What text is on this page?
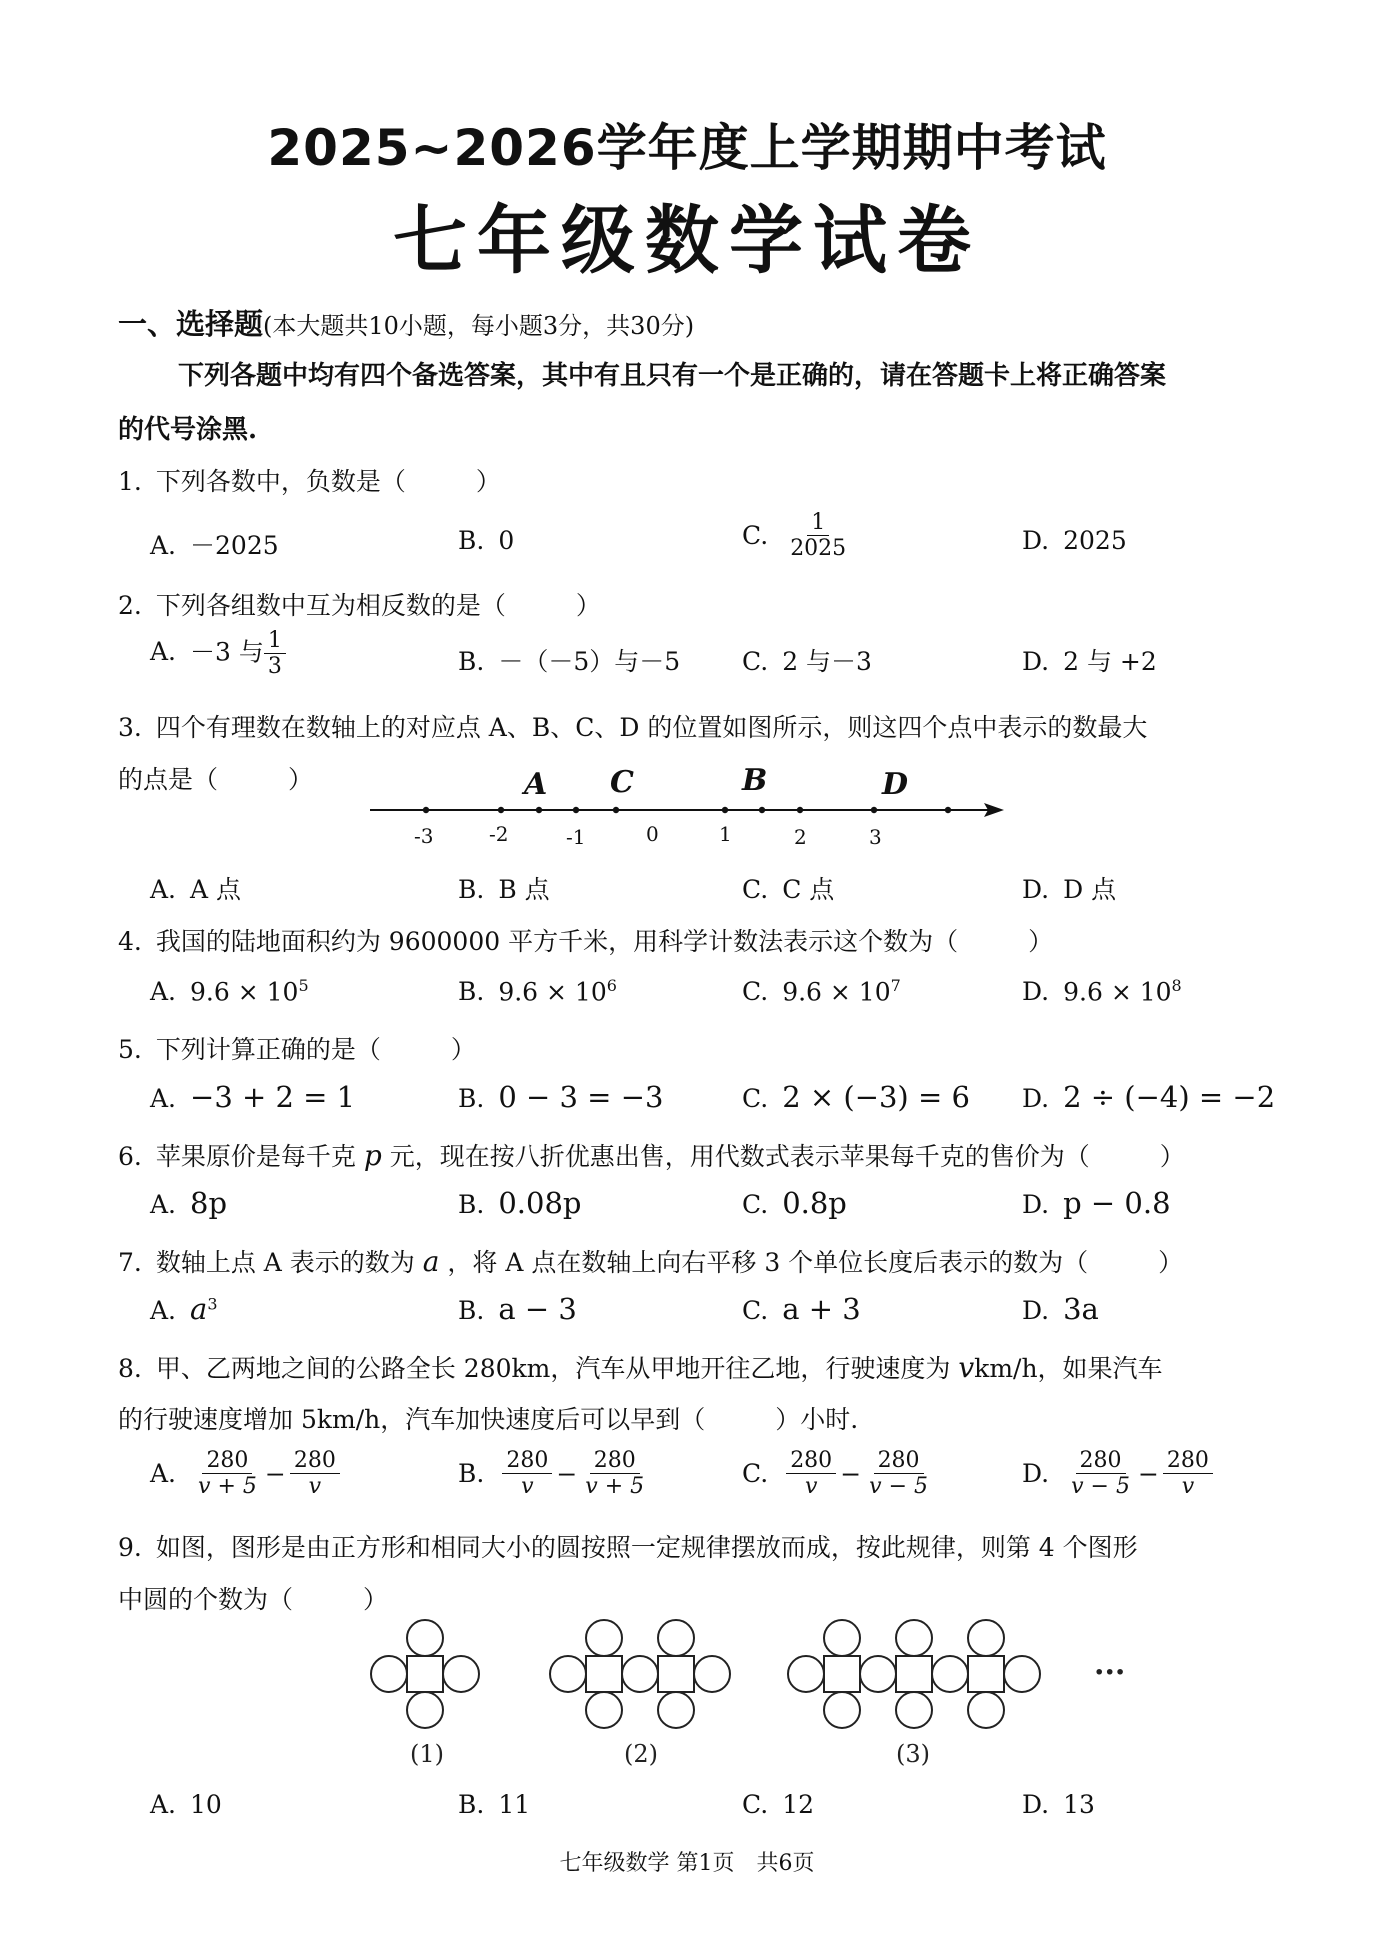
2025~2026学年度上学期期中考试
七年级数学试卷
一、选择题(本大题共10小题，每小题3分，共30分)
下列各题中均有四个备选答案，其中有且只有一个是正确的，请在答题卡上将正确答案
的代号涂黑.
1. 下列各数中，负数是（	）
A. －2025	B. 0	C. $\frac{1}{2025}$	D. 2025
2. 下列各组数中互为相反数的是（	）
A. －3 与 $\frac{1}{3}$	B. －（－5）与－5 C. 2 与－3	D. 2 与 +2
3. 四个有理数在数轴上的对应点 A、B、C、D 的位置如图所示，则这四个点中表示的数最大
的点是（	）
-3	-2	-1	0	1	2	3
A C	B	D
A. A 点	B. B 点	C. C 点	D. D 点
4. 我国的陆地面积约为 9600000 平方千米，用科学计数法表示这个数为（	）
A. $9.6 \times 10^5$	B. $9.6 \times 10^6$	C. $9.6 \times 10^7$	D. $9.6 \times 10^8$
5. 下列计算正确的是（	）
A. −3 + 2 = 1	B. 0 − 3 = −3	C. 2 × (−3) = 6 D. 2 ÷ (−4) = −2
6. 苹果原价是每千克 p 元，现在按八折优惠出售，用代数式表示苹果每千克的售价为（	）
A. 8p	B. 0.08p	C. 0.8p	D. p − 0.8
7. 数轴上点 A 表示的数为 a ，将 A 点在数轴上向右平移 3 个单位长度后表示的数为（	）
A. $a^3$	B. a − 3	C. a + 3	D. 3a
8. 甲、乙两地之间的公路全长 280km，汽车从甲地开往乙地，行驶速度为 vkm/h，如果汽车
的行驶速度增加 5km/h，汽车加快速度后可以早到（	）小时.
A. $\frac{280}{v + 5} - \frac{280}{v}$	B. $\frac{280}{v} - \frac{280}{v + 5}$	C. $\frac{280}{v} - \frac{280}{v - 5}$	D. $\frac{280}{v - 5} - \frac{280}{v}$
9. 如图，图形是由正方形和相同大小的圆按照一定规律摆放而成，按此规律，则第 4 个图形
中圆的个数为（	）
(1)	(2)	(3)
···
A. 10	B. 11	C. 12	D. 13
七年级数学 第1页　共6页
